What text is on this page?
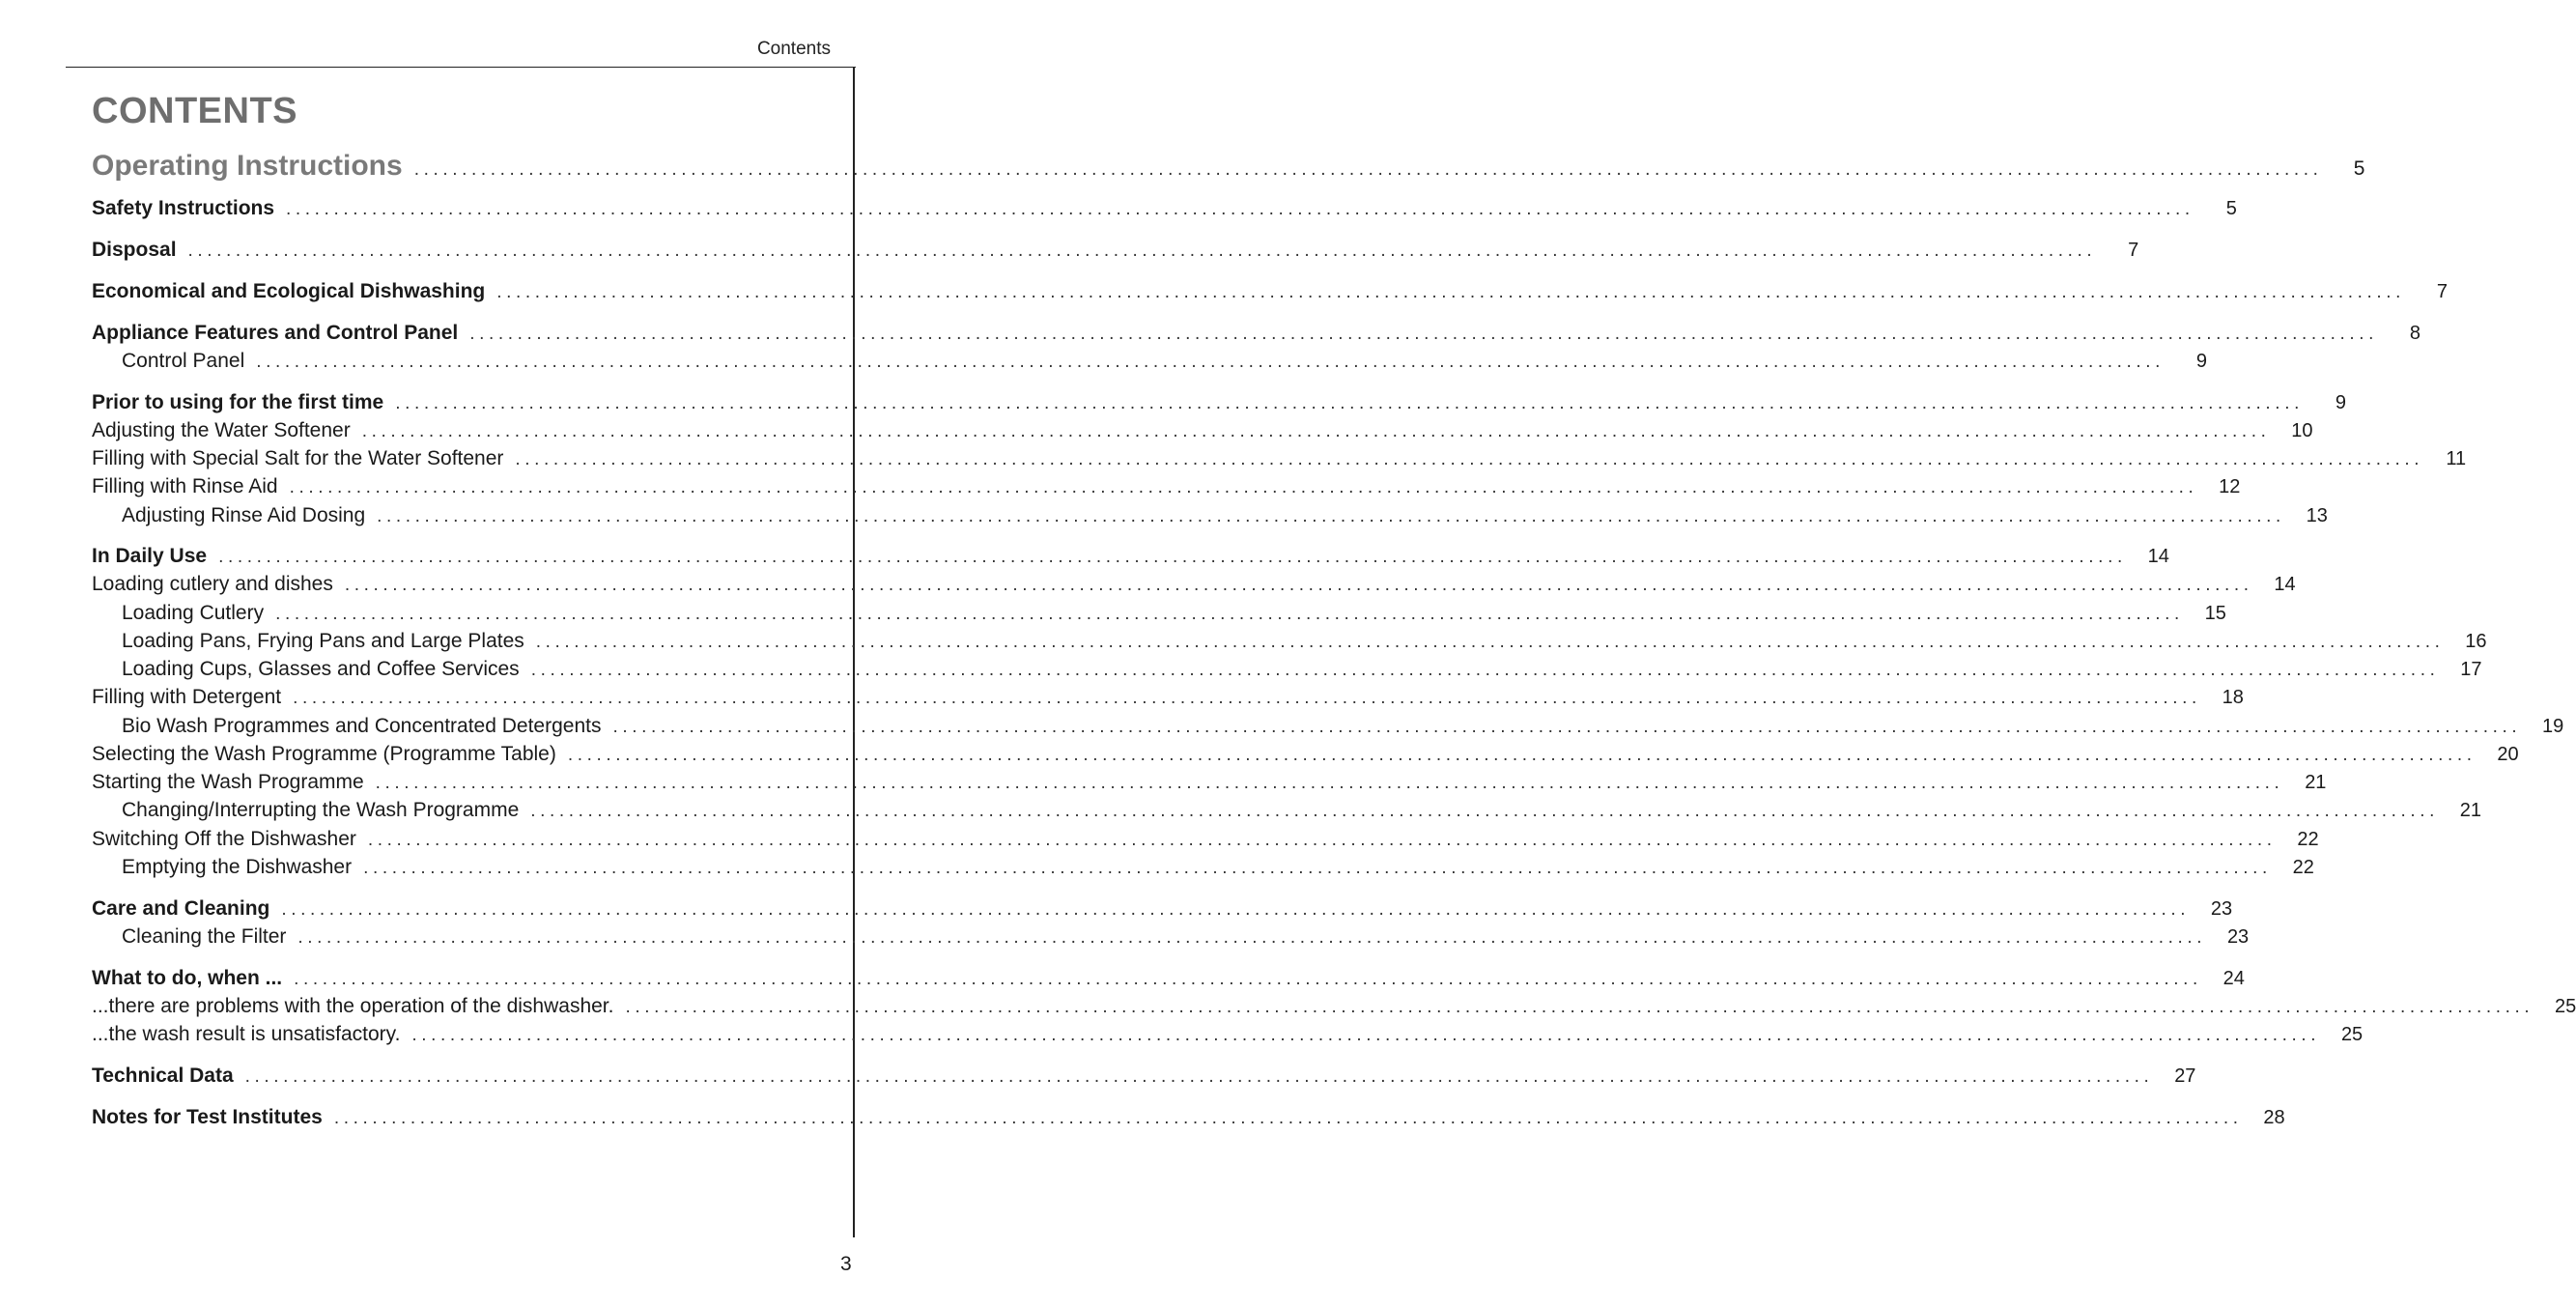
Contents
CONTENTS
Operating Instructions ........................................................................................................................................................................................................	5
Safety Instructions ........................................................................................................................................................................................................	5
Disposal ........................................................................................................................................................................................................	7
Economical and Ecological Dishwashing ........................................................................................................................................................................................................	7
Appliance Features and Control Panel ........................................................................................................................................................................................................	8
Control Panel ........................................................................................................................................................................................................	9
Prior to using for the first time ........................................................................................................................................................................................................	9
Adjusting the Water Softener ........................................................................................................................................................................................................	10
Filling with Special Salt for the Water Softener ........................................................................................................................................................................................................	11
Filling with Rinse Aid ........................................................................................................................................................................................................	12
Adjusting Rinse Aid Dosing ........................................................................................................................................................................................................	13
In Daily Use ........................................................................................................................................................................................................	14
Loading cutlery and dishes ........................................................................................................................................................................................................	14
Loading Cutlery ........................................................................................................................................................................................................	15
Loading Pans, Frying Pans and Large Plates ........................................................................................................................................................................................................	16
Loading Cups, Glasses and Coffee Services ........................................................................................................................................................................................................	17
Filling with Detergent ........................................................................................................................................................................................................	18
Bio Wash Programmes and Concentrated Detergents ........................................................................................................................................................................................................	19
Selecting the Wash Programme (Programme Table) ........................................................................................................................................................................................................	20
Starting the Wash Programme ........................................................................................................................................................................................................	21
Changing/Interrupting the Wash Programme ........................................................................................................................................................................................................	21
Switching Off the Dishwasher ........................................................................................................................................................................................................	22
Emptying the Dishwasher ........................................................................................................................................................................................................	22
Care and Cleaning ........................................................................................................................................................................................................	23
Cleaning the Filter ........................................................................................................................................................................................................	23
What to do, when ... ........................................................................................................................................................................................................	24
...there are problems with the operation of the dishwasher. ........................................................................................................................................................................................................	25
...the wash result is unsatisfactory. ........................................................................................................................................................................................................	25
Technical Data ........................................................................................................................................................................................................	27
Notes for Test Institutes ........................................................................................................................................................................................................	28
3
